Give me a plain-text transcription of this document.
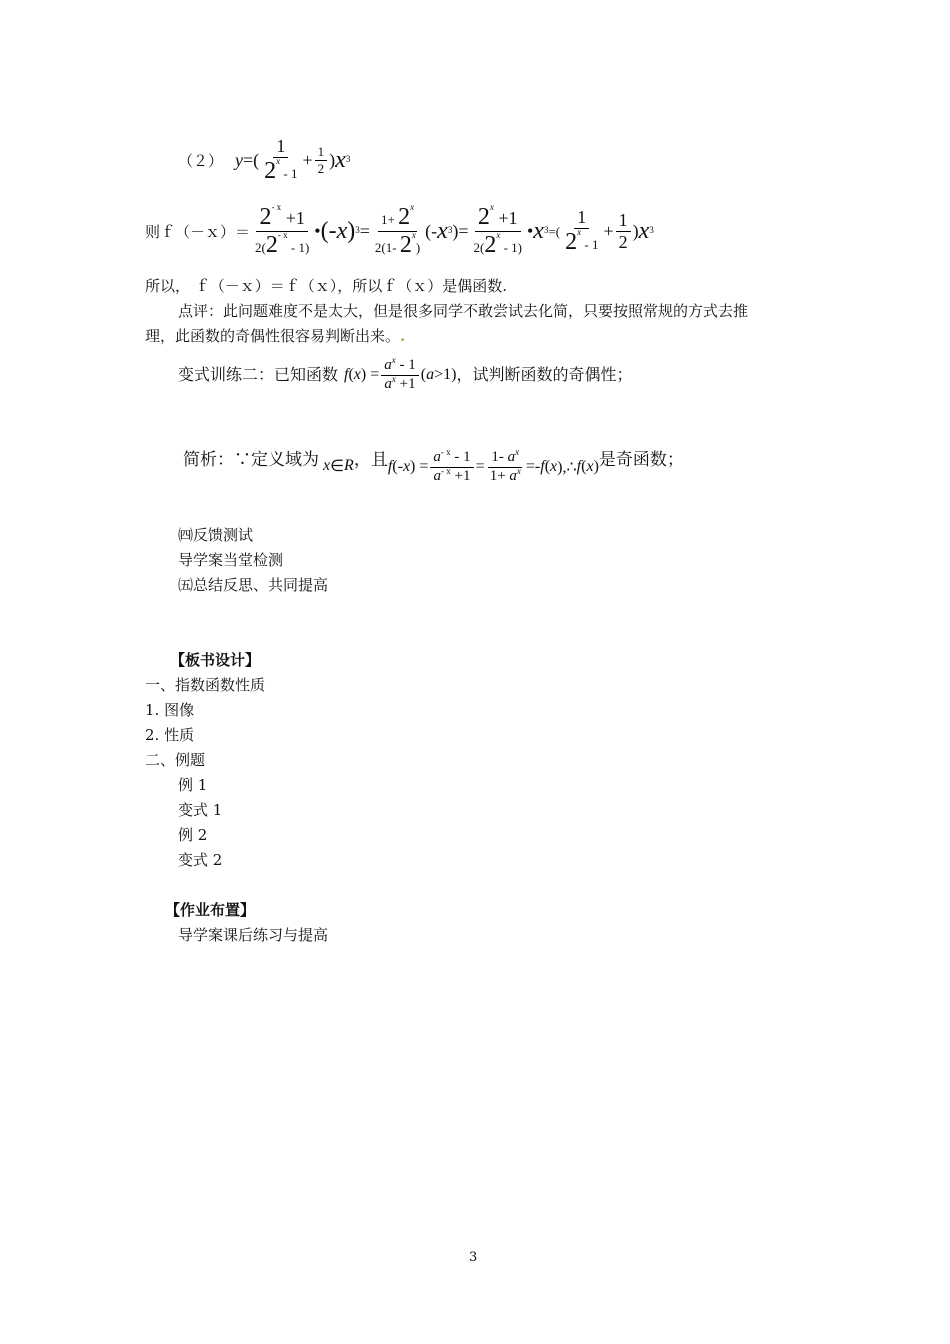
（２） y =( $\frac{1}{2^x - 1} + \frac{1}{2}$ ) $x^3$
则ｆ（－ｘ）＝ $\frac{2^{- x} +1}{2(2^{- x} - 1)}$ • (- x )$^3 = \frac{1+ 2^x}{2(1- 2^x)}$ (- $x^3$ ) = $\frac{2^x +1}{2(2^x - 1)}$ • $x^3$ =( $\frac{1}{2^x - 1} + \frac{1}{2}$ ) $x^3$
所以， ｆ（－ｘ）＝ｆ（ｘ），所以ｆ（ｘ）是偶函数.
点评：此问题难度不是太大，但是很多同学不敢尝试去化简，只要按照常规的方式去推
理，此函数的奇偶性很容易判断出来。.
变式训练二：已知函数 f ( x ) = $\frac{a^x - 1}{a^x +1}$ ( a >1) ，试判断函数的奇偶性；
简析：∵定义域为 x ∈ R ，且 f (- x ) = $\frac{a^{- x} - 1}{a^{- x} +1} = \frac{1- a^x}{1+ a^x} =- f$ ( x ),∴ f ( x ) 是奇函数；
㈣反馈测试
导学案当堂检测
㈤总结反思、共同提高
【板书设计】
一、指数函数性质
1. 图像
2. 性质
二、例题
例 1
变式 1
例 2
变式 2
【作业布置】
导学案课后练习与提高
3
